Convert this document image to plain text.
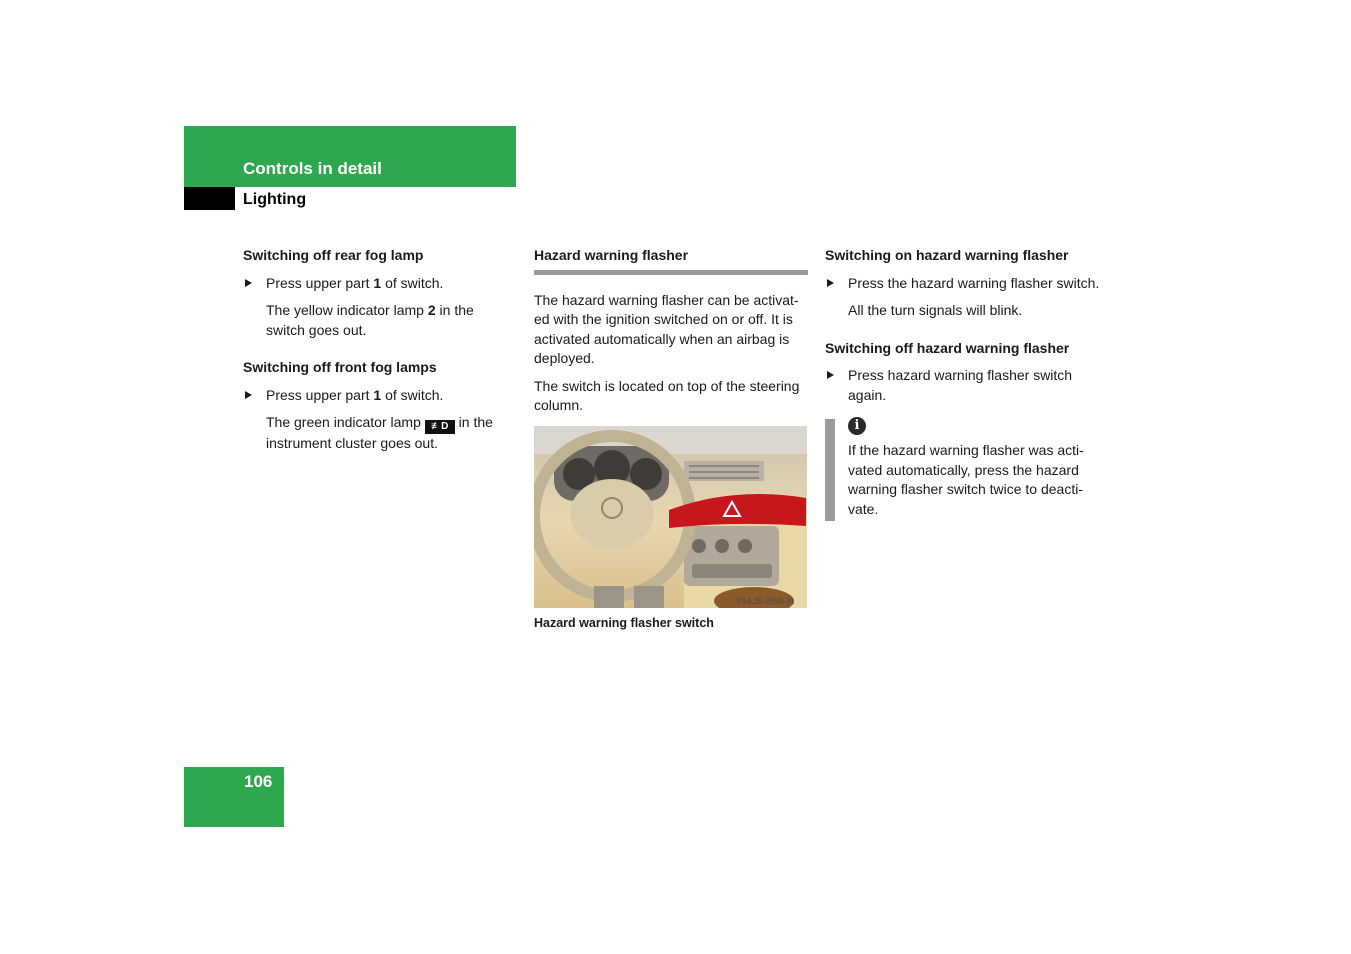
Controls in detail
Lighting
Switching off rear fog lamp
Press upper part 1 of switch.
The yellow indicator lamp 2 in the switch goes out.
Switching off front fog lamps
Press upper part 1 of switch.
The green indicator lamp ≢D in the instrument cluster goes out.
Hazard warning flasher
The hazard warning flasher can be activat-ed with the ignition switched on or off. It is activated automatically when an airbag is deployed.
The switch is located on top of the steering column.
P54.25-2559-31
Hazard warning flasher switch
Switching on hazard warning flasher
Press the hazard warning flasher switch.
All the turn signals will blink.
Switching off hazard warning flasher
Press hazard warning flasher switch again.
i
If the hazard warning flasher was acti-vated automatically, press the hazard warning flasher switch twice to deacti-vate.
106
